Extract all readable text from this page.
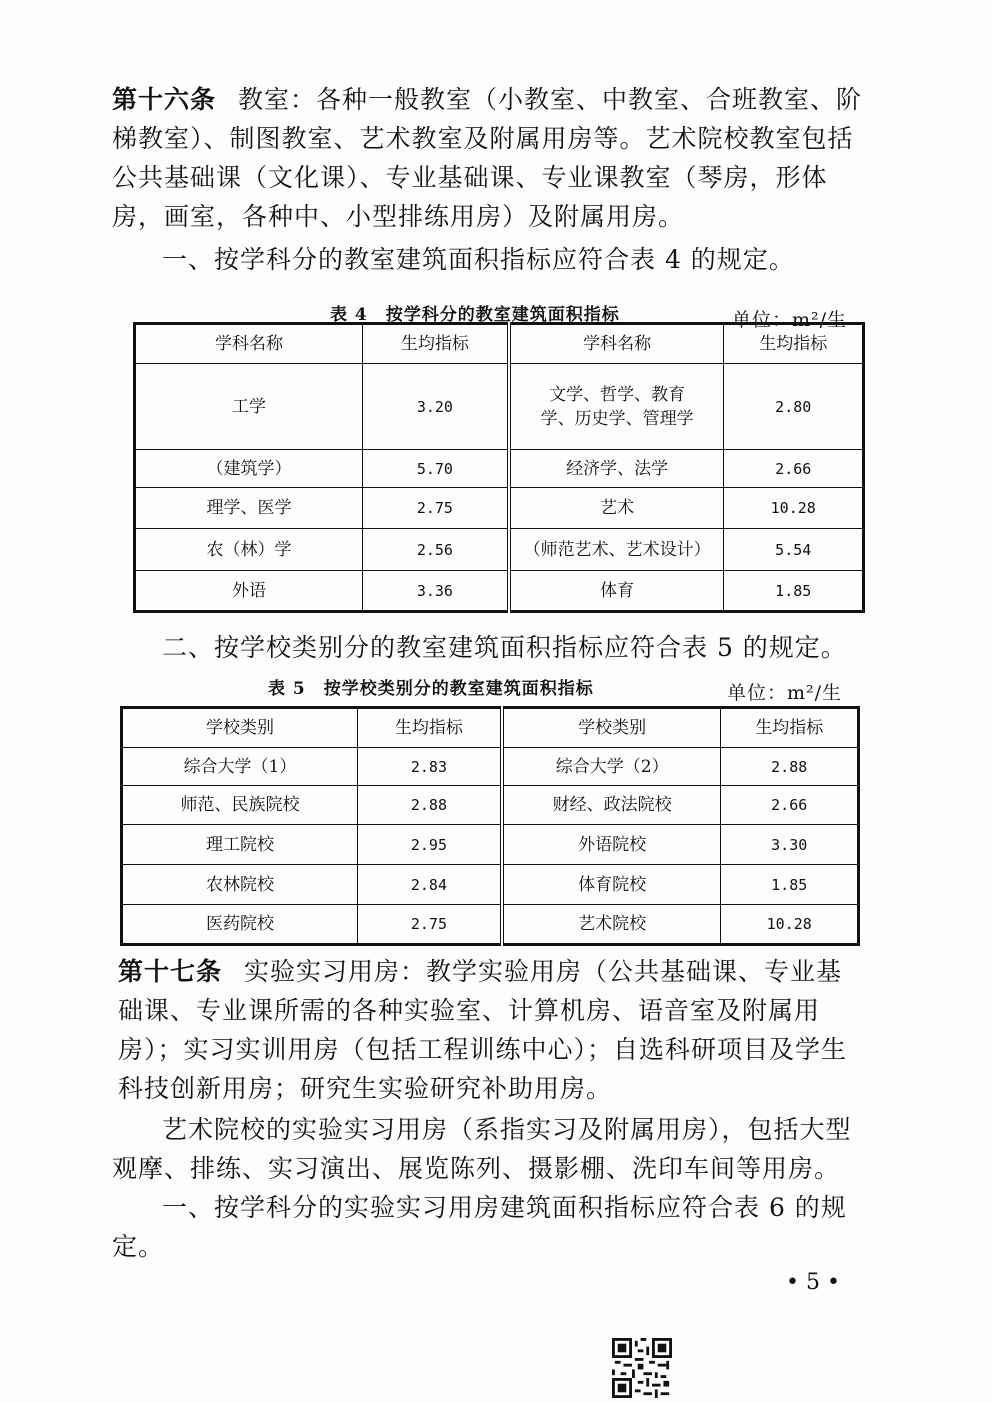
第十六条 教室：各种一般教室（小教室、中教室、合班教室、阶梯教室）、制图教室、艺术教室及附属用房等。艺术院校教室包括公共基础课（文化课）、专业基础课、专业课教室（琴房，形体房，画室，各种中、小型排练用房）及附属用房。

一、按学科分的教室建筑面积指标应符合表 4 的规定。

表 4　按学科分的教室建筑面积指标	单位：m²/生
学科名称	生均指标	学科名称	生均指标
工学	3.20	文学、哲学、教育学、历史学、管理学	2.80
（建筑学）	5.70	经济学、法学	2.66
理学、医学	2.75	艺术	10.28
农（林）学	2.56	（师范艺术、艺术设计）	5.54
外语	3.36	体育	1.85

二、按学校类别分的教室建筑面积指标应符合表 5 的规定。

表 5　按学校类别分的教室建筑面积指标	单位：m²/生
学校类别	生均指标	学校类别	生均指标
综合大学（1）	2.83	综合大学（2）	2.88
师范、民族院校	2.88	财经、政法院校	2.66
理工院校	2.95	外语院校	3.30
农林院校	2.84	体育院校	1.85
医药院校	2.75	艺术院校	10.28

第十七条 实验实习用房：教学实验用房（公共基础课、专业基础课、专业课所需的各种实验室、计算机房、语音室及附属用房）；实习实训用房（包括工程训练中心）；自选科研项目及学生科技创新用房；研究生实验研究补助用房。

艺术院校的实验实习用房（系指实习及附属用房），包括大型观摩、排练、实习演出、展览陈列、摄影棚、洗印车间等用房。

一、按学科分的实验实习用房建筑面积指标应符合表 6 的规定。

• 5 •
